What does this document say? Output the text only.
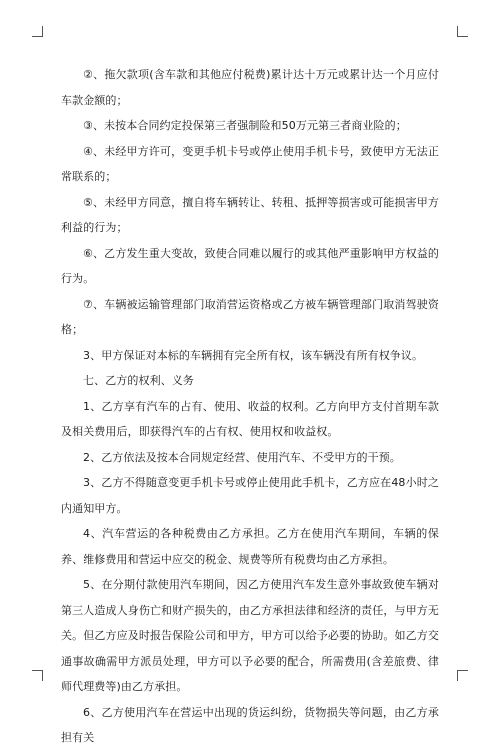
②、拖欠款项(含车款和其他应付税费)累计达十万元或累计达一个月应付车款金额的；

③、未按本合同约定投保第三者强制险和50万元第三者商业险的；

④、未经甲方许可，变更手机卡号或停止使用手机卡号，致使甲方无法正常联系的；

⑤、未经甲方同意，擅自将车辆转让、转租、抵押等损害或可能损害甲方利益的行为；

⑥、乙方发生重大变故，致使合同难以履行的或其他严重影响甲方权益的行为。

⑦、车辆被运输管理部门取消营运资格或乙方被车辆管理部门取消驾驶资格；

3、甲方保证对本标的车辆拥有完全所有权，该车辆没有所有权争议。

七、乙方的权利、义务

1、乙方享有汽车的占有、使用、收益的权利。乙方向甲方支付首期车款及相关费用后，即获得汽车的占有权、使用权和收益权。

2、乙方依法及按本合同规定经营、使用汽车、不受甲方的干预。

3、乙方不得随意变更手机卡号或停止使用此手机卡，乙方应在48小时之内通知甲方。

4、汽车营运的各种税费由乙方承担。乙方在使用汽车期间，车辆的保养、维修费用和营运中应交的税金、规费等所有税费均由乙方承担。

5、在分期付款使用汽车期间，因乙方使用汽车发生意外事故致使车辆对第三人造成人身伤亡和财产损失的，由乙方承担法律和经济的责任，与甲方无关。但乙方应及时报告保险公司和甲方，甲方可以给予必要的协助。如乙方交通事故确需甲方派员处理，甲方可以予必要的配合，所需费用(含差旅费、律师代理费等)由乙方承担。

6、乙方使用汽车在营运中出现的货运纠纷，货物损失等问题，由乙方承担有关
